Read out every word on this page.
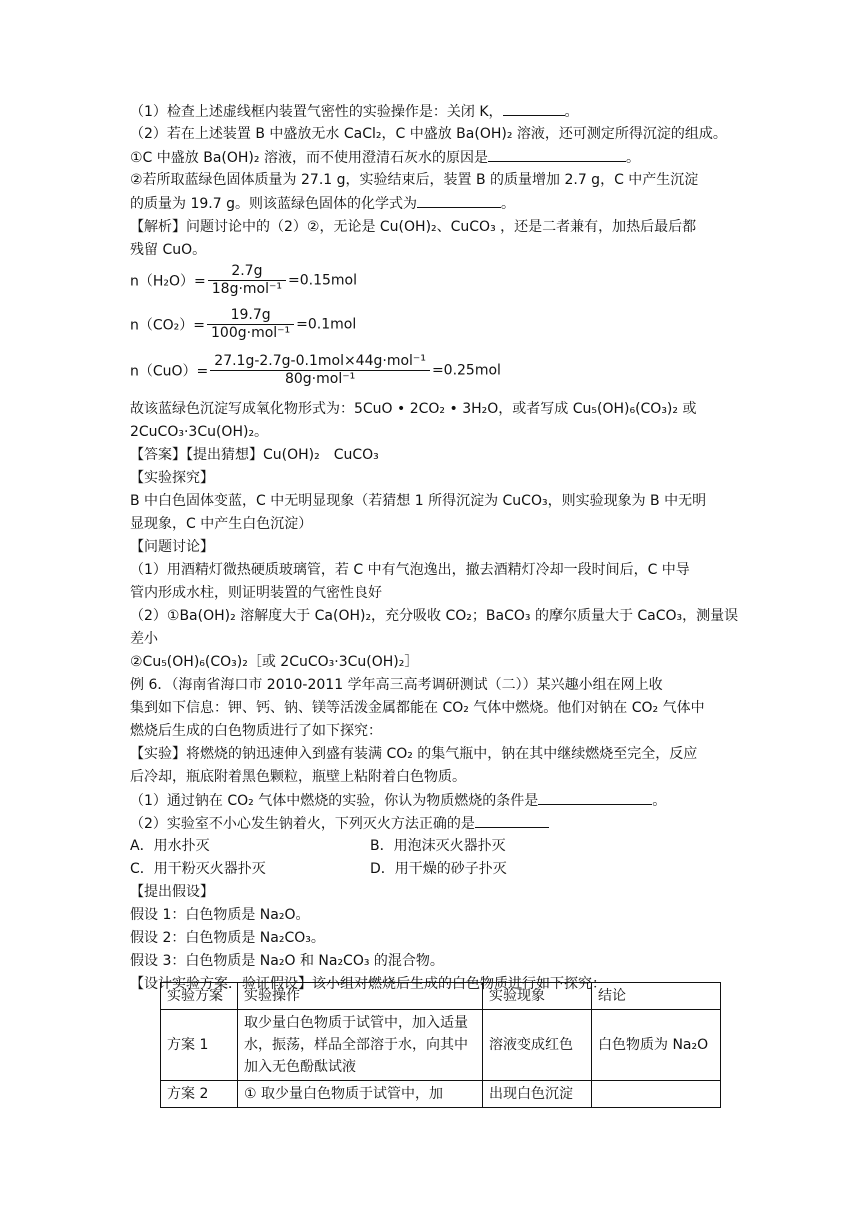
（1）检查上述虚线框内装置气密性的实验操作是：关闭 K，	。
（2）若在上述装置 B 中盛放无水 CaCl₂，C 中盛放 Ba(OH)₂ 溶液，还可测定所得沉淀的组成。
①C 中盛放 Ba(OH)₂ 溶液，而不使用澄清石灰水的原因是	。
②若所取蓝绿色固体质量为 27.1 g，实验结束后，装置 B 的质量增加 2.7 g，C 中产生沉淀
的质量为 19.7 g。则该蓝绿色固体的化学式为	。
【解析】问题讨论中的（2）②，无论是 Cu(OH)₂、CuCO₃ ，还是二者兼有，加热后最后都
残留 CuO。
$n(H_2O)= \frac{2.7g}{\text{18g·mol⁻¹}} =0.15mol$
$n(CO_2)= \frac{19.7g}{\text{100g·mol⁻¹}} =0.1mol$
$n(CuO)= \frac{\text{27.1g-2.7g-0.1mol×44g·mol⁻¹}}{\text{80g·mol⁻¹}} =0.25mol$
故该蓝绿色沉淀写成氧化物形式为：5CuO • 2CO₂ • 3H₂O，或者写成 Cu₅(OH)₆(CO₃)₂ 或
2CuCO₃·3Cu(OH)₂。
【答案】【提出猜想】Cu(OH)₂　CuCO₃
【实验探究】
B 中白色固体变蓝，C 中无明显现象（若猜想 1 所得沉淀为 CuCO₃，则实验现象为 B 中无明
显现象，C 中产生白色沉淀）
【问题讨论】
（1）用酒精灯微热硬质玻璃管，若 C 中有气泡逸出，撤去酒精灯冷却一段时间后，C 中导
管内形成水柱，则证明装置的气密性良好
（2）①Ba(OH)₂ 溶解度大于 Ca(OH)₂，充分吸收 CO₂；BaCO₃ 的摩尔质量大于 CaCO₃，测量误
差小
②Cu₅(OH)₆(CO₃)₂［或 2CuCO₃·3Cu(OH)₂］
例 6．（海南省海口市 2010-2011 学年高三高考调研测试（二））某兴趣小组在网上收
集到如下信息：钾、钙、钠、镁等活泼金属都能在 CO₂ 气体中燃烧。他们对钠在 CO₂ 气体中
燃烧后生成的白色物质进行了如下探究：
【实验】将燃烧的钠迅速伸入到盛有装满 CO₂ 的集气瓶中，钠在其中继续燃烧至完全，反应
后冷却，瓶底附着黑色颗粒，瓶壁上粘附着白色物质。
（1）通过钠在 CO₂ 气体中燃烧的实验，你认为物质燃烧的条件是	。
（2）实验室不小心发生钠着火，下列灭火方法正确的是
A．用水扑灭	B．用泡沫灭火器扑灭
C．用干粉灭火器扑灭	D．用干燥的砂子扑灭
【提出假设】
假设 1：白色物质是 Na₂O。
假设 2：白色物质是 Na₂CO₃。
假设 3：白色物质是 Na₂O 和 Na₂CO₃ 的混合物。
【设计实验方案．验证假设】该小组对燃烧后生成的白色物质进行如下探究：
实验方案	实验操作	实验现象	结论
方案 1	取少量白色物质于试管中，加入适量水，振荡，样品全部溶于水，向其中加入无色酚酞试液	溶液变成红色	白色物质为 Na₂O
方案 2	① 取少量白色物质于试管中，加	出现白色沉淀	
